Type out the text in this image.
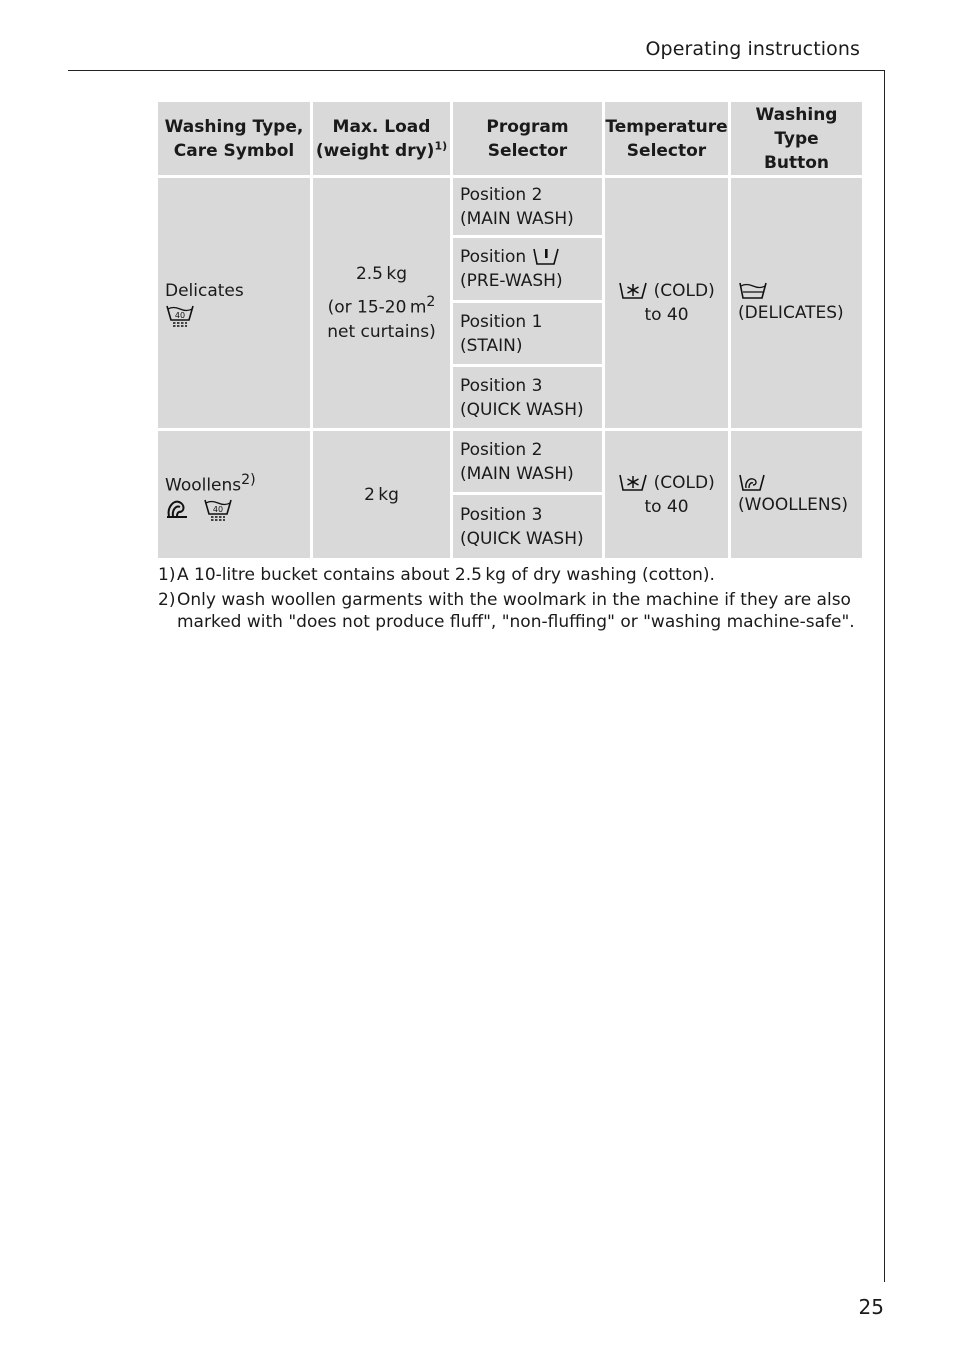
Operating instructions
Washing Type,
Care Symbol
Max. Load
(weight dry)$^{1)}$
Program
Selector
Temperature
Selector
Washing Type
Button
Delicates
40
2.5 kg
(or 15-20 $m^2$
net curtains)
Position 2
(MAIN WASH)
Position
(PRE-WASH)
Position 1
(STAIN)
Position 3
(QUICK WASH)
(COLD)
to 40	(DELICATES)
Woollens$^{2)}$
40
2 kg
Position 2
(MAIN WASH)
Position 3
(QUICK WASH)
(COLD)
to 40	(WOOLLENS)
1) A 10-litre bucket contains about 2.5 kg of dry washing (cotton).
2) Only wash woollen garments with the woolmark in the machine if they are also marked with "does not produce fluff", "non-fluffing" or "washing machine-safe".
25
